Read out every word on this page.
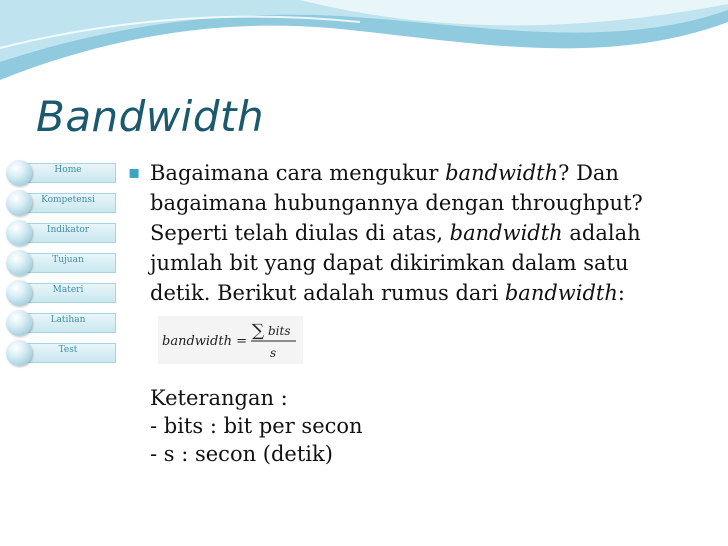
Bandwidth
Home
Kompetensi
Indikator
Tujuan
Materi
Latihan
Test
▪ Bagaimana cara mengukur bandwidth? Dan bagaimana hubungannya dengan throughput? Seperti telah diulas di atas, bandwidth adalah jumlah bit yang dapat dikirimkan dalam satu detik. Berikut adalah rumus dari bandwidth:

bandwidth =
∑ bits
s
Keterangan :
- bits : bit per secon
- s : secon (detik)
